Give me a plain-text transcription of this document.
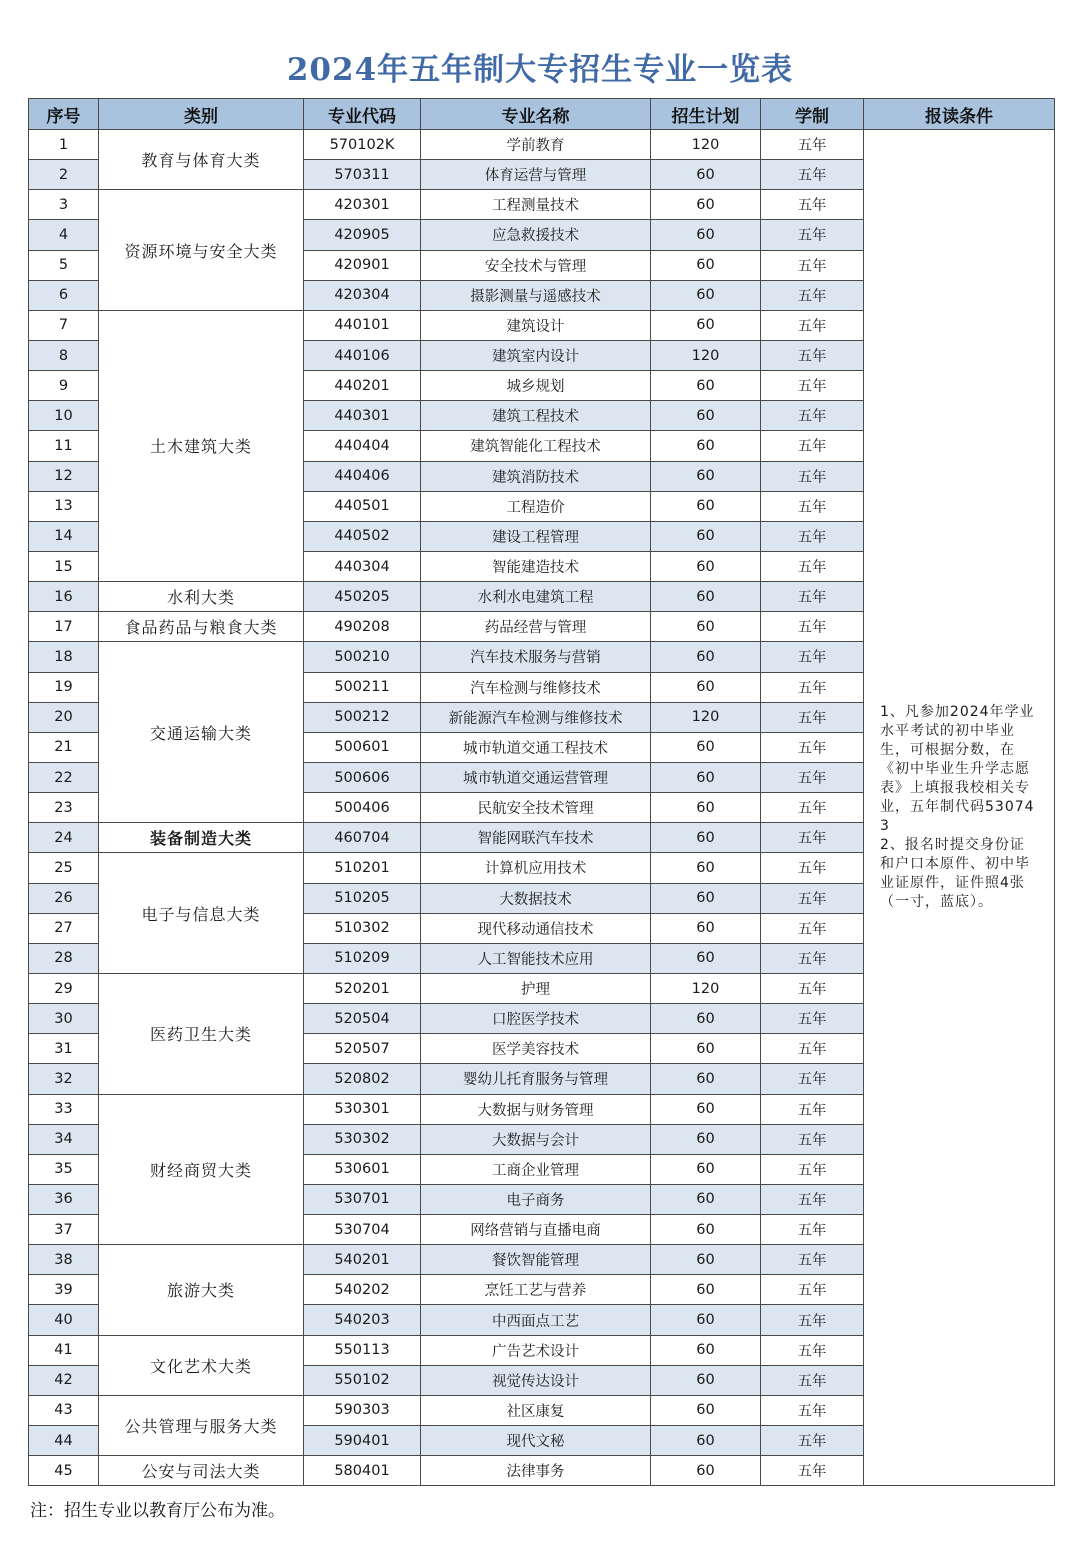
2024年五年制大专招生专业一览表
序号	类别	专业代码	专业名称	招生计划	学制	报读条件
1	教育与体育大类	570102K	学前教育	120	五年	1、凡参加2024年学业水平考试的初中毕业生，可根据分数，在《初中毕业生升学志愿表》上填报我校相关专业，五年制代码530743
2、报名时提交身份证和户口本原件、初中毕业证原件，证件照4张（一寸，蓝底）。
2		570311	体育运营与管理	60	五年	
3	资源环境与安全大类	420301	工程测量技术	60	五年	
4		420905	应急救援技术	60	五年	
5		420901	安全技术与管理	60	五年	
6		420304	摄影测量与遥感技术	60	五年	
7	土木建筑大类	440101	建筑设计	60	五年	
8		440106	建筑室内设计	120	五年	
9		440201	城乡规划	60	五年	
10		440301	建筑工程技术	60	五年	
11		440404	建筑智能化工程技术	60	五年	
12		440406	建筑消防技术	60	五年	
13		440501	工程造价	60	五年	
14		440502	建设工程管理	60	五年	
15		440304	智能建造技术	60	五年	
16	水利大类	450205	水利水电建筑工程	60	五年	
17	食品药品与粮食大类	490208	药品经营与管理	60	五年	
18	交通运输大类	500210	汽车技术服务与营销	60	五年	
19		500211	汽车检测与维修技术	60	五年	
20		500212	新能源汽车检测与维修技术	120	五年	
21		500601	城市轨道交通工程技术	60	五年	
22		500606	城市轨道交通运营管理	60	五年	
23		500406	民航安全技术管理	60	五年	
24	装备制造大类	460704	智能网联汽车技术	60	五年	
25	电子与信息大类	510201	计算机应用技术	60	五年	
26		510205	大数据技术	60	五年	
27		510302	现代移动通信技术	60	五年	
28		510209	人工智能技术应用	60	五年	
29	医药卫生大类	520201	护理	120	五年	
30		520504	口腔医学技术	60	五年	
31		520507	医学美容技术	60	五年	
32		520802	婴幼儿托育服务与管理	60	五年	
33	财经商贸大类	530301	大数据与财务管理	60	五年	
34		530302	大数据与会计	60	五年	
35		530601	工商企业管理	60	五年	
36		530701	电子商务	60	五年	
37		530704	网络营销与直播电商	60	五年	
38	旅游大类	540201	餐饮智能管理	60	五年	
39		540202	烹饪工艺与营养	60	五年	
40		540203	中西面点工艺	60	五年	
41	文化艺术大类	550113	广告艺术设计	60	五年	
42		550102	视觉传达设计	60	五年	
43	公共管理与服务大类	590303	社区康复	60	五年	
44		590401	现代文秘	60	五年	
45	公安与司法大类	580401	法律事务	60	五年	
注：招生专业以教育厅公布为准。
